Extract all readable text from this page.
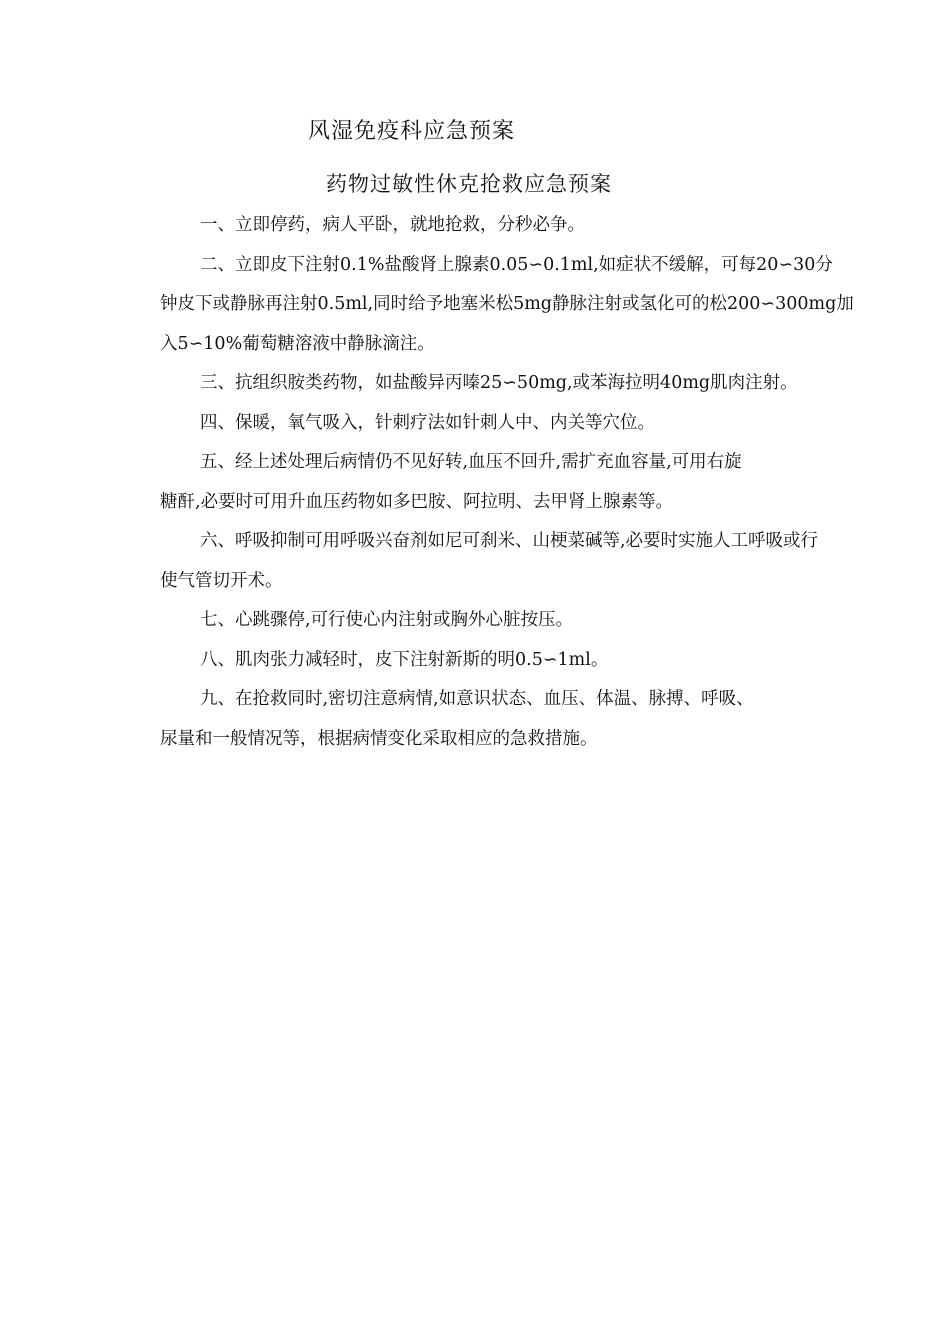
风湿免疫科应急预案
药物过敏性休克抢救应急预案
一、立即停药，病人平卧，就地抢救，分秒必争。
二、立即皮下注射0.1%盐酸肾上腺素0.05∽0.1ml,如症状不缓解，可每20∽30分
钟皮下或静脉再注射0.5ml,同时给予地塞米松5mg静脉注射或氢化可的松200∽300mg加
入5∽10%葡萄糖溶液中静脉滴注。
三、抗组织胺类药物，如盐酸异丙嗪25∽50mg,或苯海拉明40mg肌肉注射。
四、保暖，氧气吸入，针刺疗法如针刺人中、内关等穴位。
五、经上述处理后病情仍不见好转,血压不回升,需扩充血容量,可用右旋
糖酐,必要时可用升血压药物如多巴胺、阿拉明、去甲肾上腺素等。
六、呼吸抑制可用呼吸兴奋剂如尼可刹米、山梗菜碱等,必要时实施人工呼吸或行
使气管切开术。
七、心跳骤停,可行使心内注射或胸外心脏按压。
八、肌肉张力减轻时，皮下注射新斯的明0.5∽1ml。
九、在抢救同时,密切注意病情,如意识状态、血压、体温、脉搏、呼吸、
尿量和一般情况等，根据病情变化采取相应的急救措施。
